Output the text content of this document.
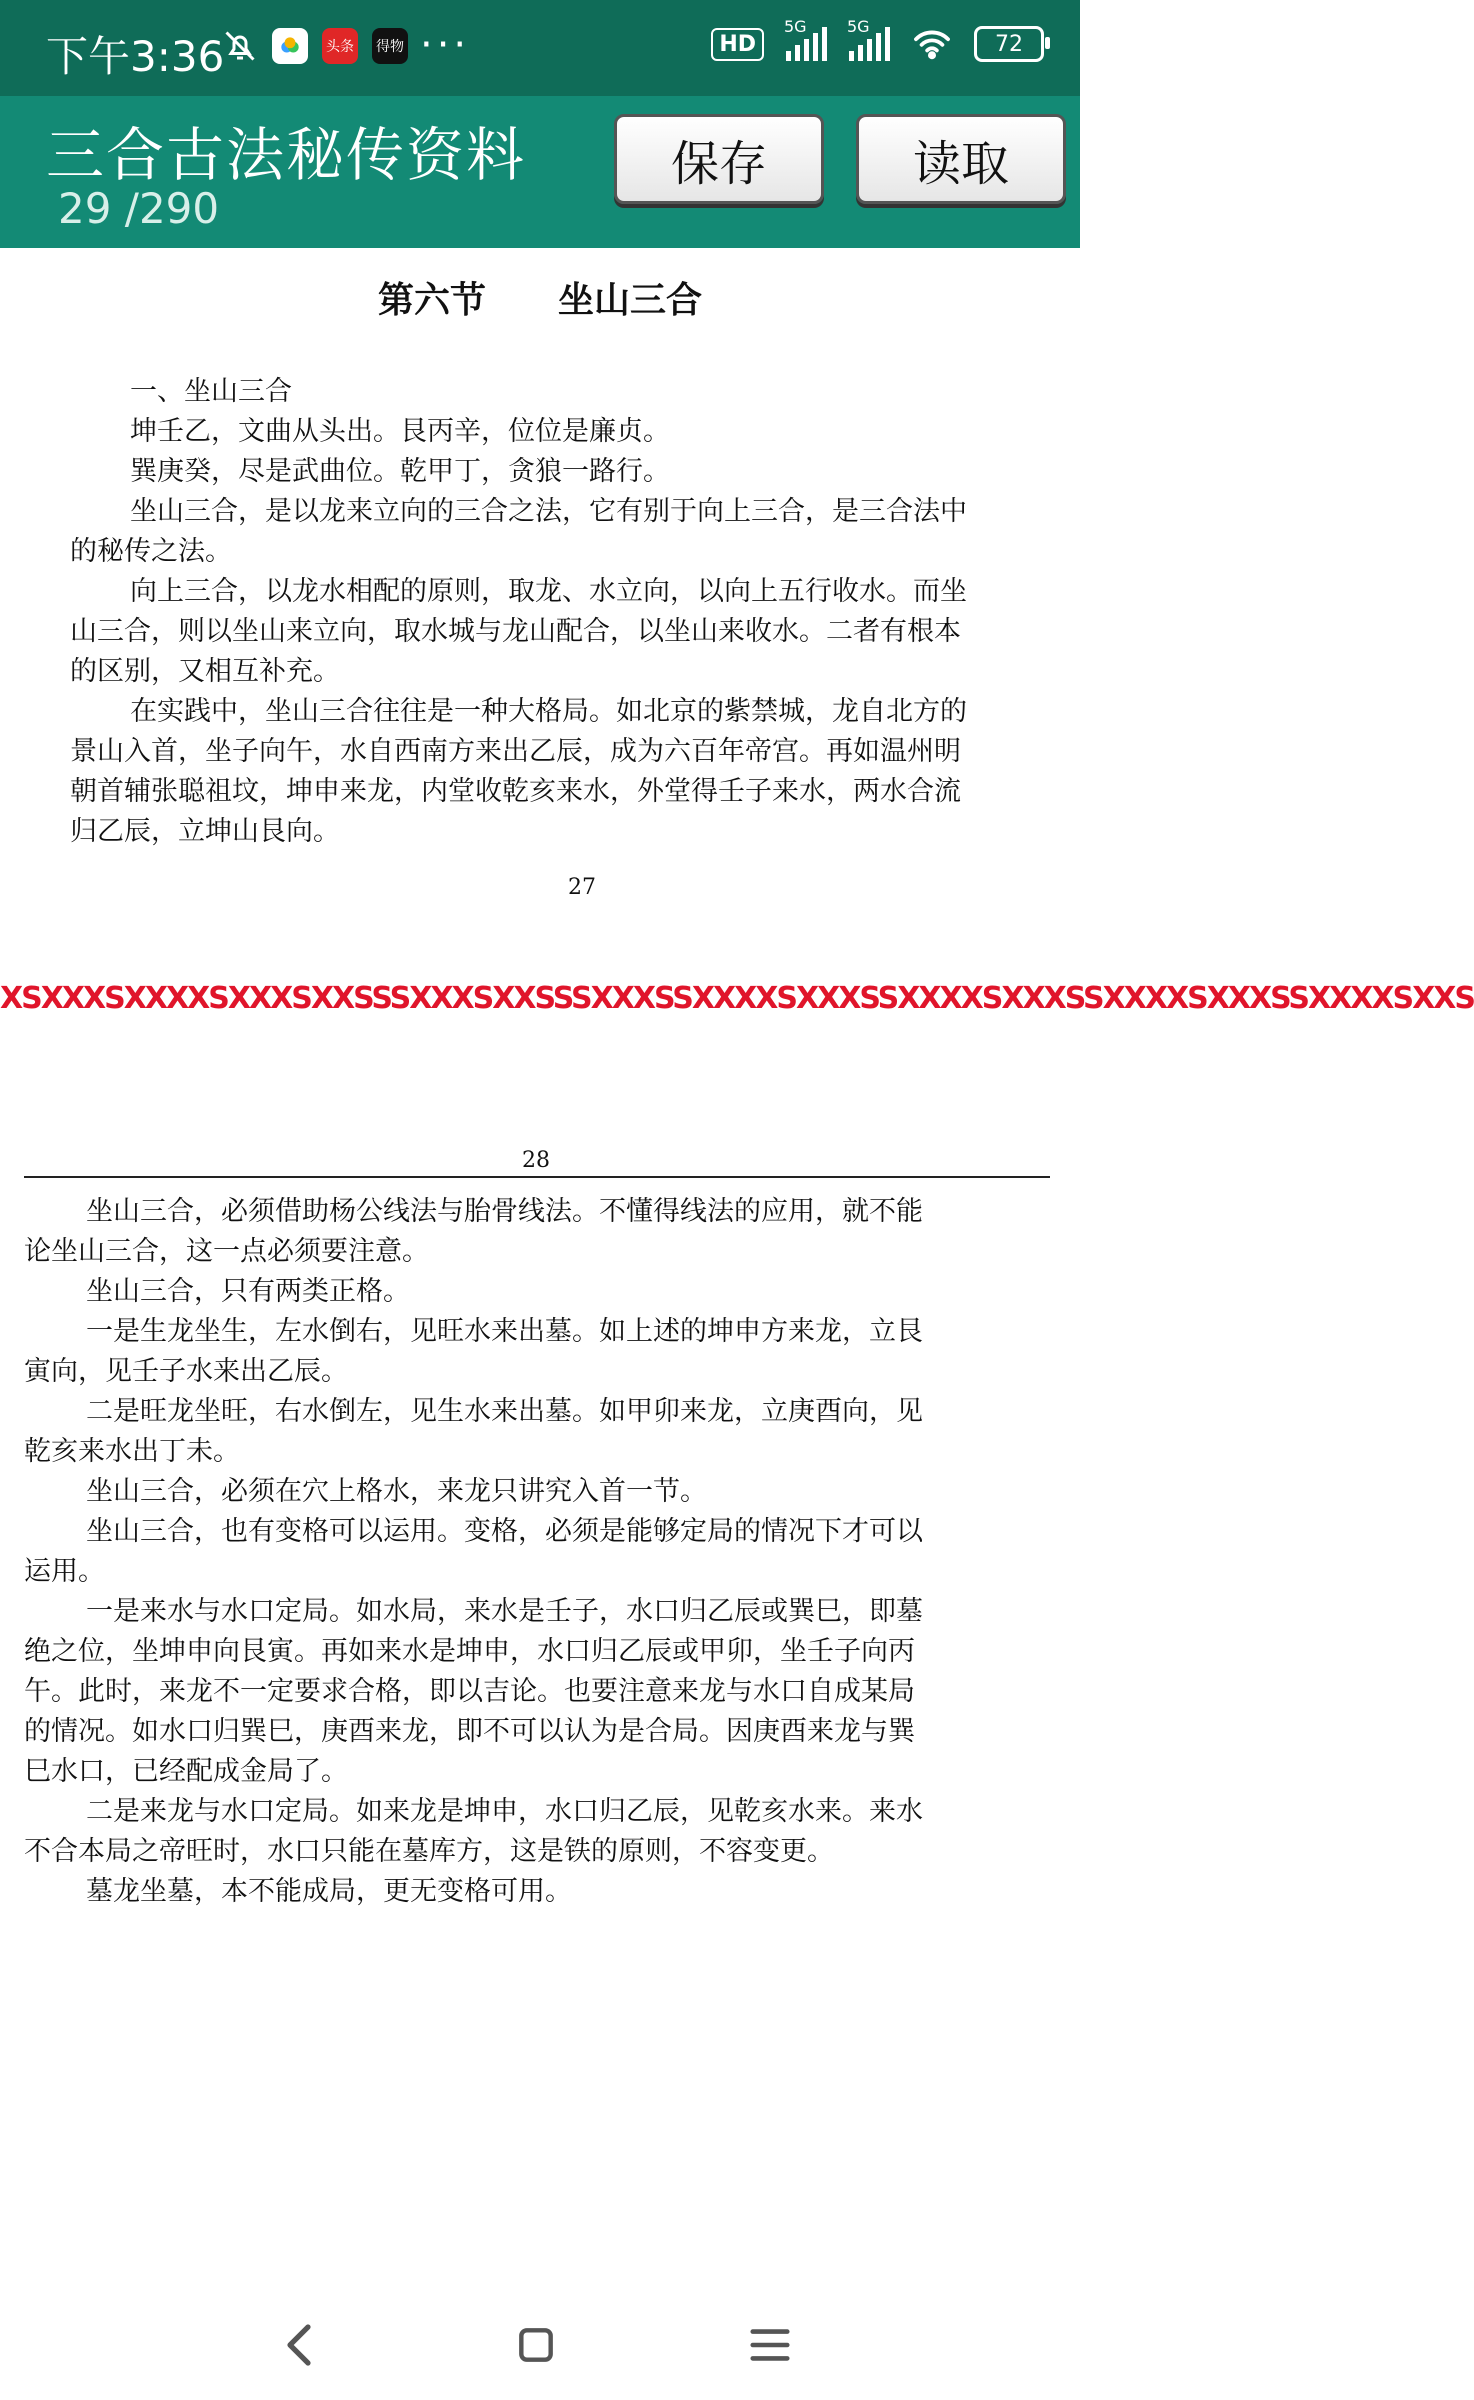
下午3:36	头条 得物 ···	HD
5G	5G
72
三合古法秘传资料
29 /290
保存	读取
第六节　　坐山三合
一、坐山三合
坤壬乙，文曲从头出。艮丙辛，位位是廉贞。
巽庚癸，尽是武曲位。乾甲丁，贪狼一路行。
坐山三合，是以龙来立向的三合之法，它有别于向上三合，是三合法中
的秘传之法。
向上三合，以龙水相配的原则，取龙、水立向，以向上五行收水。而坐
山三合，则以坐山来立向，取水城与龙山配合，以坐山来收水。二者有根本
的区别，又相互补充。
在实践中，坐山三合往往是一种大格局。如北京的紫禁城，龙自北方的
景山入首，坐子向午，水自西南方来出乙辰，成为六百年帝宫。再如温州明
朝首辅张聪祖坟，坤申来龙，内堂收乾亥来水，外堂得壬子来水，两水合流
归乙辰，立坤山艮向。
27
XSXXXSXXXXSXXXSXXSSSXXXSXXSSSXXXSSXXXXSXXXSSXXXXSXXXSSXXXXSXXXSSXXXXSXXS
28
坐山三合，必须借助杨公线法与胎骨线法。不懂得线法的应用，就不能
论坐山三合，这一点必须要注意。
坐山三合，只有两类正格。
一是生龙坐生，左水倒右，见旺水来出墓。如上述的坤申方来龙，立艮
寅向，见壬子水来出乙辰。
二是旺龙坐旺，右水倒左，见生水来出墓。如甲卯来龙，立庚酉向，见
乾亥来水出丁未。
坐山三合，必须在穴上格水，来龙只讲究入首一节。
坐山三合，也有变格可以运用。变格，必须是能够定局的情况下才可以
运用。
一是来水与水口定局。如水局，来水是壬子，水口归乙辰或巽巳，即墓
绝之位，坐坤申向艮寅。再如来水是坤申，水口归乙辰或甲卯，坐壬子向丙
午。此时，来龙不一定要求合格，即以吉论。也要注意来龙与水口自成某局
的情况。如水口归巽巳，庚酉来龙，即不可以认为是合局。因庚酉来龙与巽
巳水口，已经配成金局了。
二是来龙与水口定局。如来龙是坤申，水口归乙辰，见乾亥水来。来水
不合本局之帝旺时，水口只能在墓库方，这是铁的原则，不容变更。
墓龙坐墓，本不能成局，更无变格可用。
